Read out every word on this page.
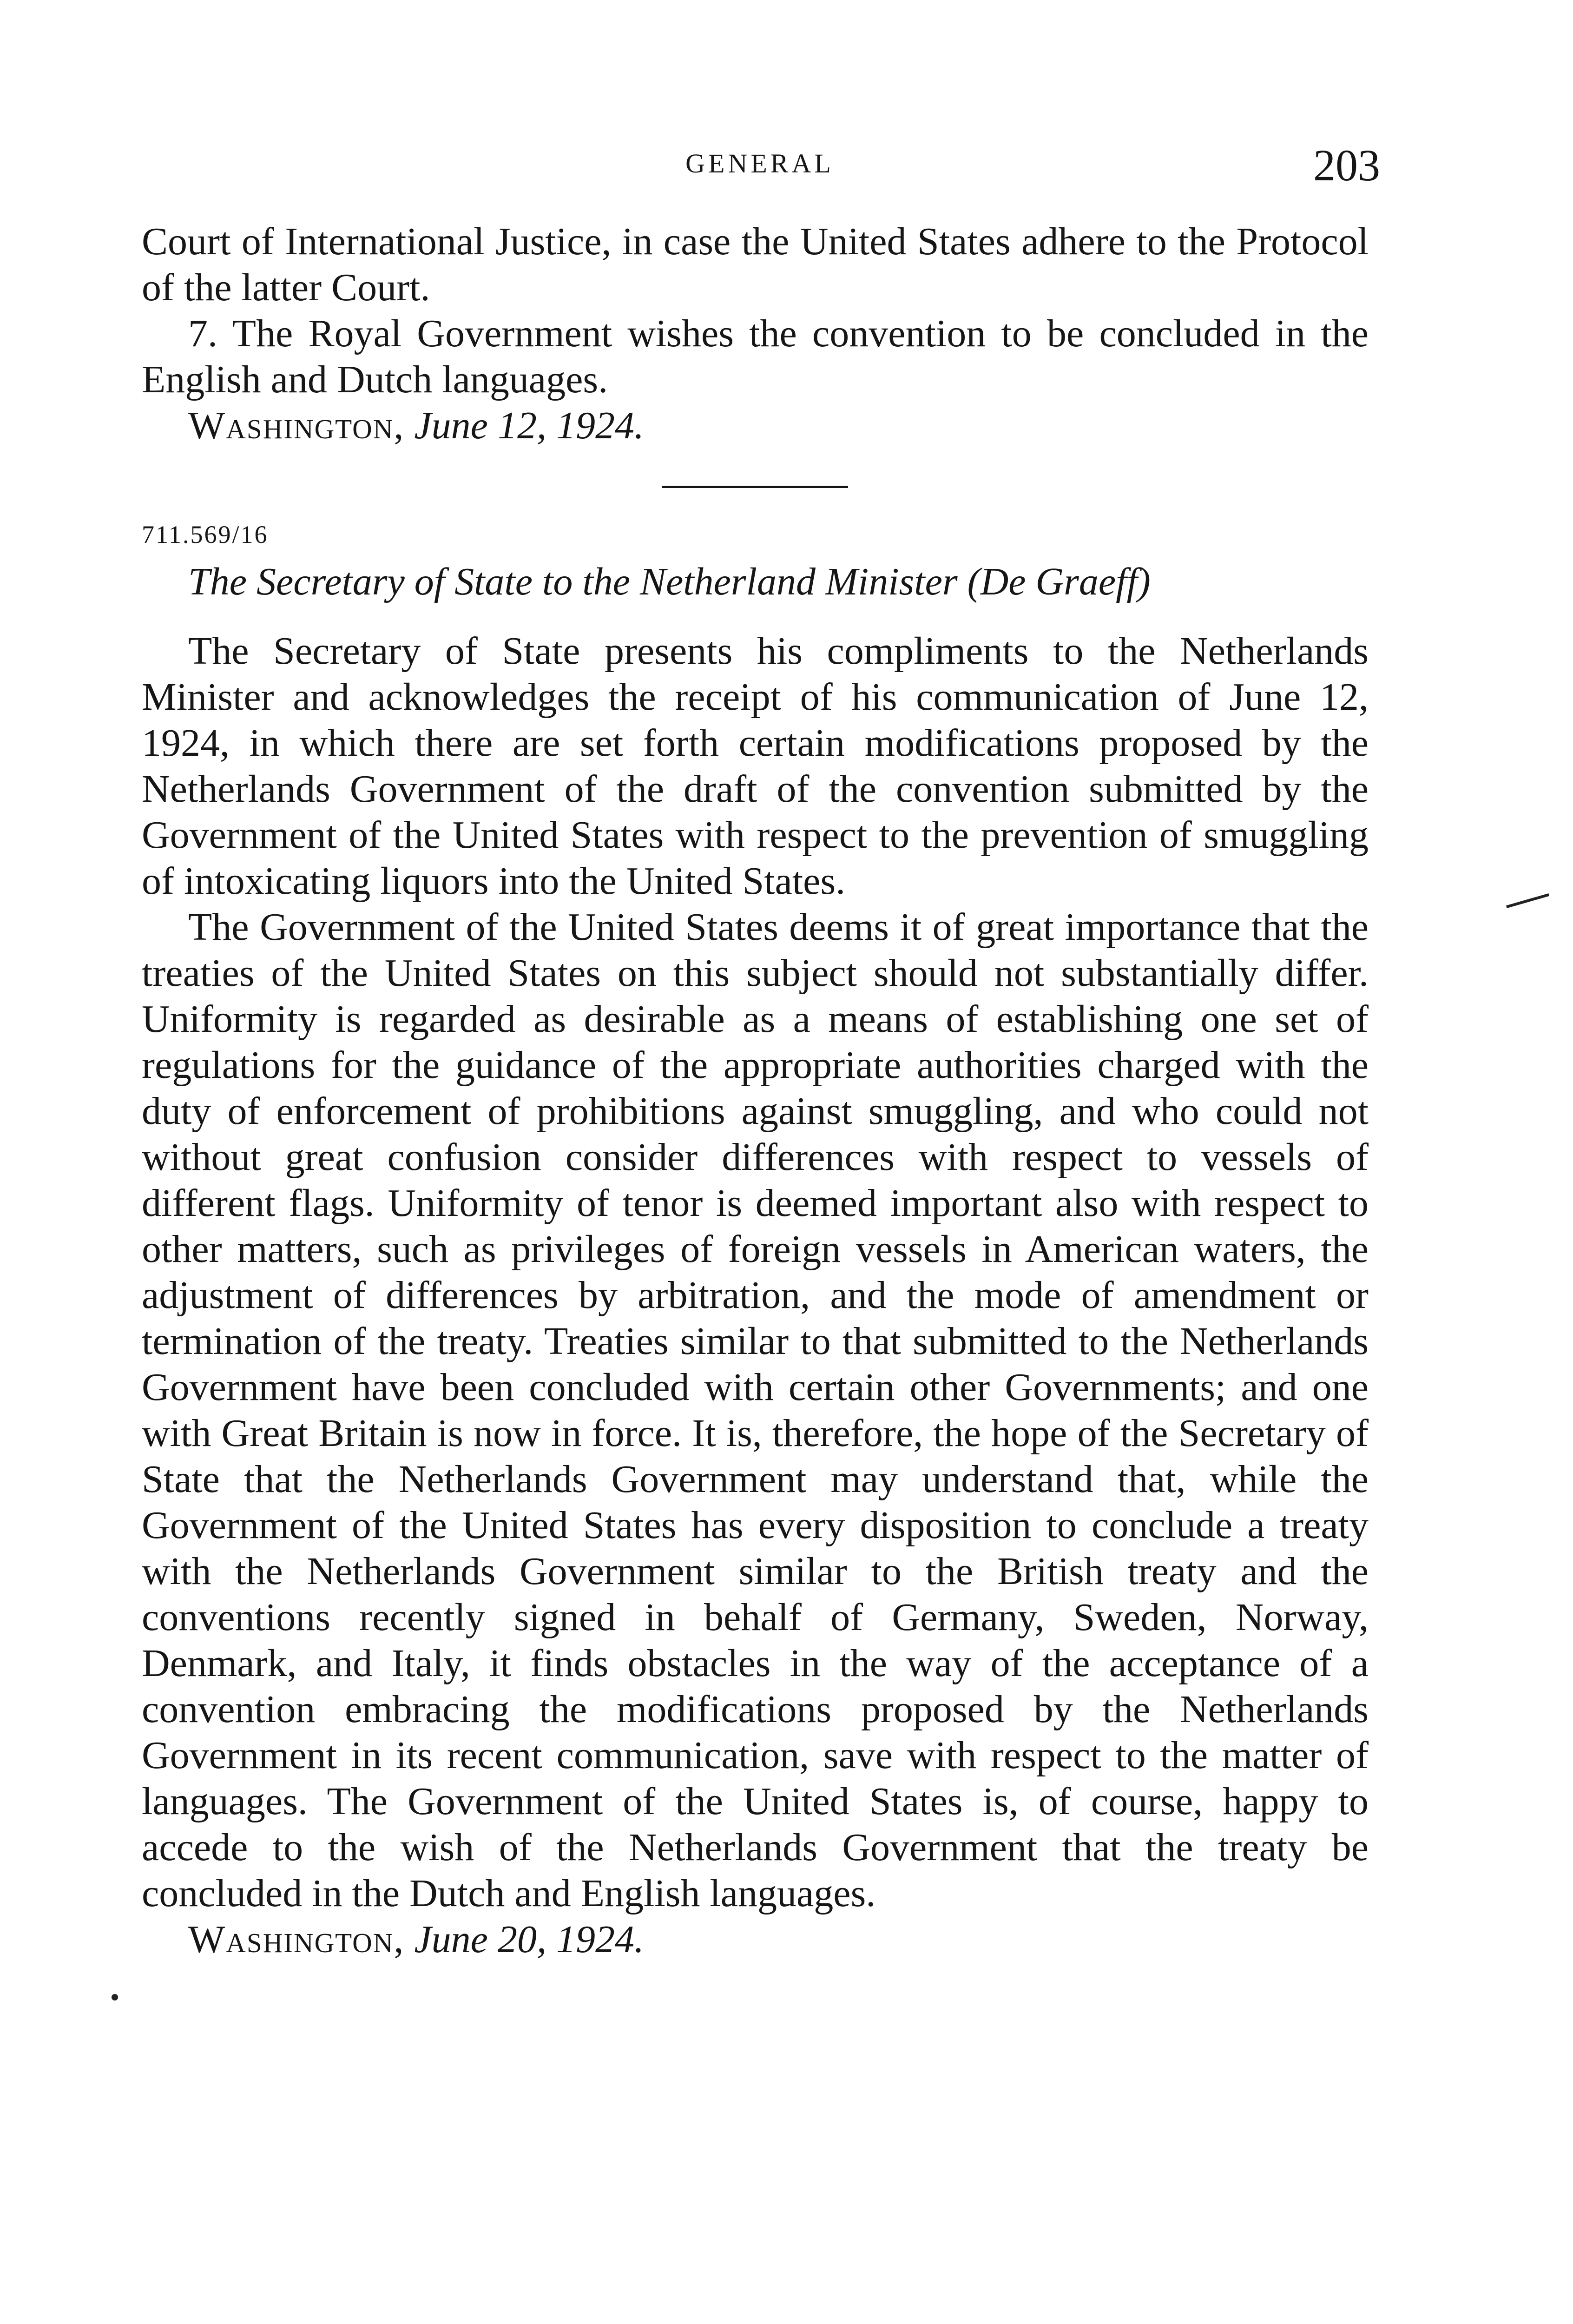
GENERAL	203

Court of International Justice, in case the United States adhere to the Protocol of the latter Court.

7. The Royal Government wishes the convention to be concluded in the English and Dutch languages.

Washington, June 12, 1924.

711.569/16

The Secretary of State to the Netherland Minister (De Graeff)

The Secretary of State presents his compliments to the Netherlands Minister and acknowledges the receipt of his communication of June 12, 1924, in which there are set forth certain modifications proposed by the Netherlands Government of the draft of the convention submitted by the Government of the United States with respect to the prevention of smuggling of intoxicating liquors into the United States.

The Government of the United States deems it of great importance that the treaties of the United States on this subject should not substantially differ. Uniformity is regarded as desirable as a means of establishing one set of regulations for the guidance of the appropriate authorities charged with the duty of enforcement of prohibitions against smuggling, and who could not without great confusion consider differences with respect to vessels of different flags. Uniformity of tenor is deemed important also with respect to other matters, such as privileges of foreign vessels in American waters, the adjustment of differences by arbitration, and the mode of amendment or termination of the treaty. Treaties similar to that submitted to the Netherlands Government have been concluded with certain other Governments; and one with Great Britain is now in force. It is, therefore, the hope of the Secretary of State that the Netherlands Government may understand that, while the Government of the United States has every disposition to conclude a treaty with the Netherlands Government similar to the British treaty and the conventions recently signed in behalf of Germany, Sweden, Norway, Denmark, and Italy, it finds obstacles in the way of the acceptance of a convention embracing the modifications proposed by the Netherlands Government in its recent communication, save with respect to the matter of languages. The Government of the United States is, of course, happy to accede to the wish of the Netherlands Government that the treaty be concluded in the Dutch and English languages.

Washington, June 20, 1924.
